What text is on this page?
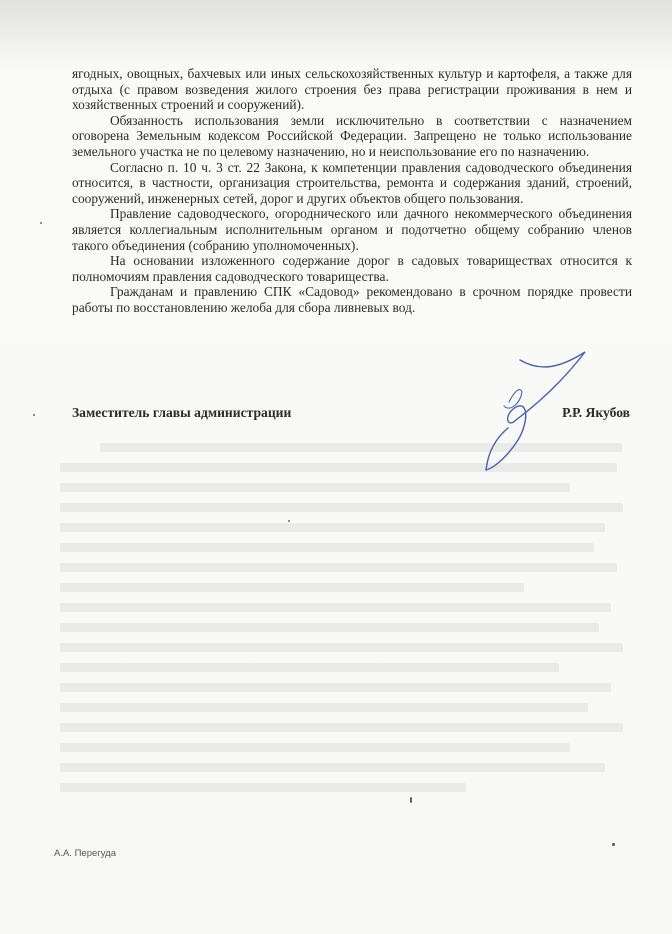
ягодных, овощных, бахчевых или иных сельскохозяйственных культур и картофеля, а также для отдыха (с правом возведения жилого строения без права регистрации проживания в нем и хозяйственных строений и сооружений).

Обязанность использования земли исключительно в соответствии с назначением оговорена Земельным кодексом Российской Федерации. Запрещено не только использование земельного участка не по целевому назначению, но и неиспользование его по назначению.

Согласно п. 10 ч. 3 ст. 22 Закона, к компетенции правления садоводческого объединения относится, в частности, организация строительства, ремонта и содержания зданий, строений, сооружений, инженерных сетей, дорог и других объектов общего пользования.

Правление садоводческого, огороднического или дачного некоммерческого объединения является коллегиальным исполнительным органом и подотчетно общему собранию членов такого объединения (собранию уполномоченных).

На основании изложенного содержание дорог в садовых товариществах относится к полномочиям правления садоводческого товарищества.

Гражданам и правлению СПК «Садовод» рекомендовано в срочном порядке провести работы по восстановлению желоба для сбора ливневых вод.

Заместитель главы администрации	Р.Р. Якубов
А.А. Перегуда
